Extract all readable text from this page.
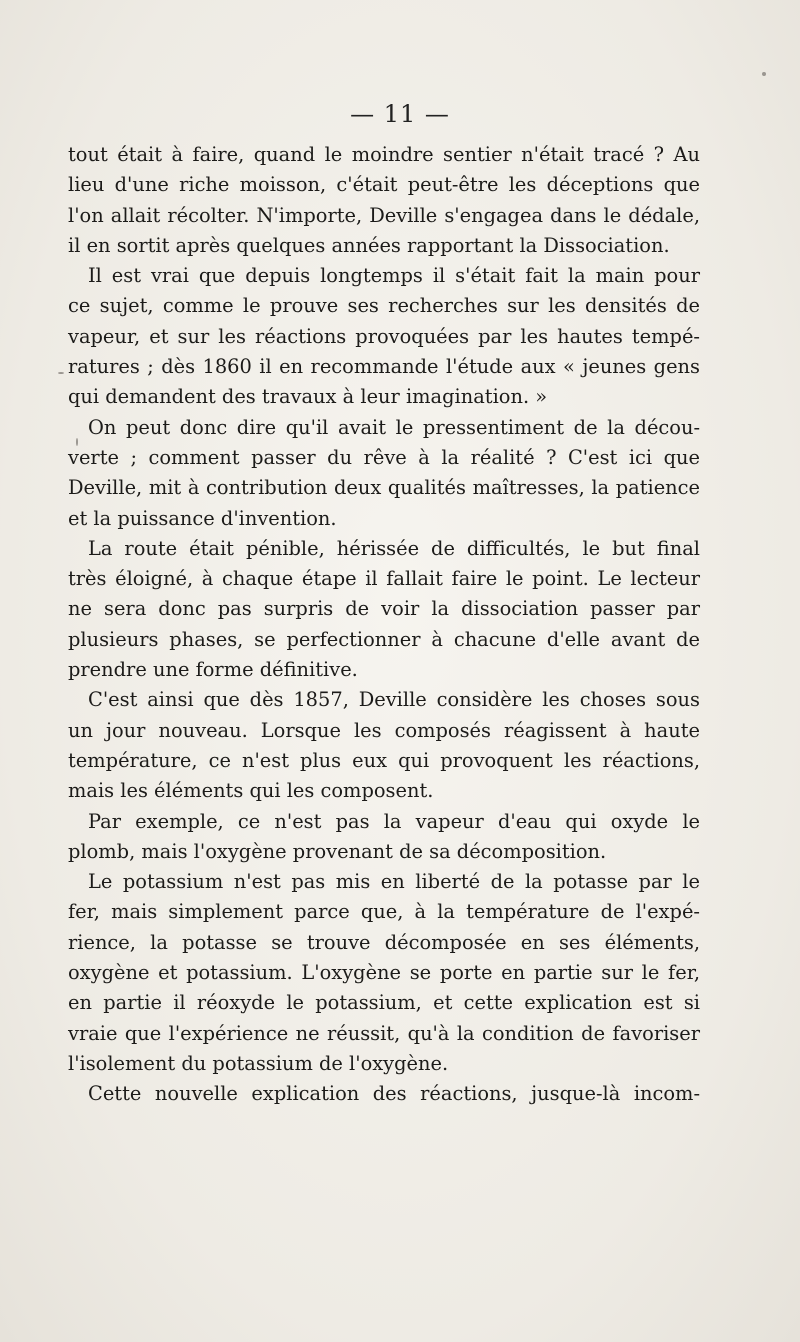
— 11 —
tout était à faire, quand le moindre sentier n'était tracé ? Au
lieu d'une riche moisson, c'était peut-être les déceptions que
l'on allait récolter. N'importe, Deville s'engagea dans le dédale,
il en sortit après quelques années rapportant la Dissociation.
Il est vrai que depuis longtemps il s'était fait la main pour
ce sujet, comme le prouve ses recherches sur les densités de
vapeur, et sur les réactions provoquées par les hautes tempé-
ratures ; dès 1860 il en recommande l'étude aux « jeunes gens
qui demandent des travaux à leur imagination. »
On peut donc dire qu'il avait le pressentiment de la décou-
verte ; comment passer du rêve à la réalité ? C'est ici que
Deville, mit à contribution deux qualités maîtresses, la patience
et la puissance d'invention.
La route était pénible, hérissée de difficultés, le but final
très éloigné, à chaque étape il fallait faire le point. Le lecteur
ne sera donc pas surpris de voir la dissociation passer par
plusieurs phases, se perfectionner à chacune d'elle avant de
prendre une forme définitive.
C'est ainsi que dès 1857, Deville considère les choses sous
un jour nouveau. Lorsque les composés réagissent à haute
température, ce n'est plus eux qui provoquent les réactions,
mais les éléments qui les composent.
Par exemple, ce n'est pas la vapeur d'eau qui oxyde le
plomb, mais l'oxygène provenant de sa décomposition.
Le potassium n'est pas mis en liberté de la potasse par le
fer, mais simplement parce que, à la température de l'expé-
rience, la potasse se trouve décomposée en ses éléments,
oxygène et potassium. L'oxygène se porte en partie sur le fer,
en partie il réoxyde le potassium, et cette explication est si
vraie que l'expérience ne réussit, qu'à la condition de favoriser
l'isolement du potassium de l'oxygène.
Cette nouvelle explication des réactions, jusque-là incom-
